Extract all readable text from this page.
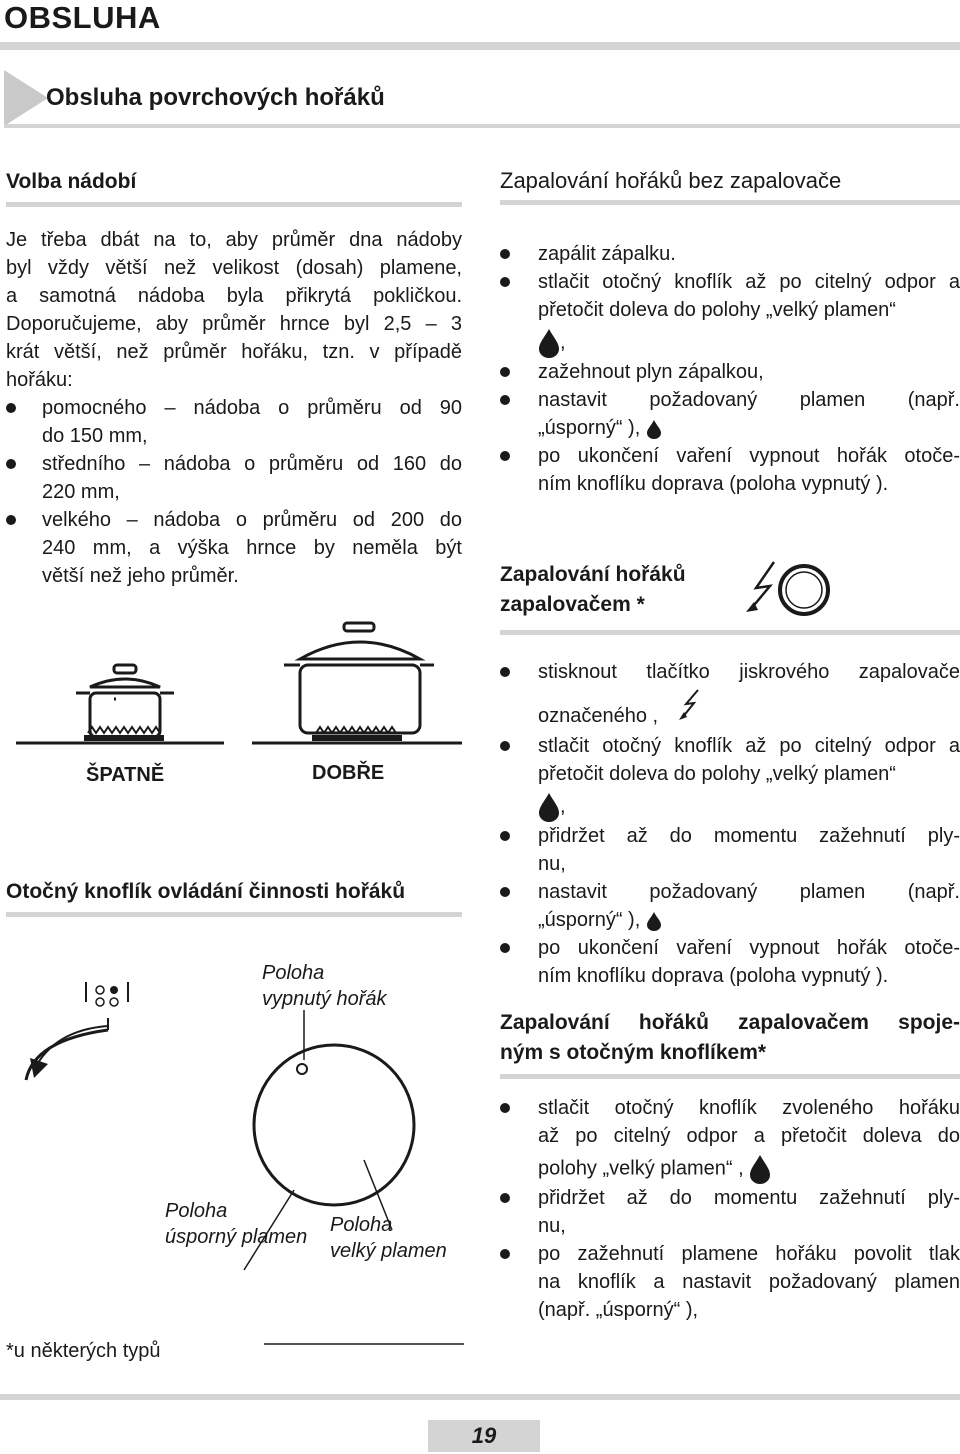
OBSLUHA
Obsluha povrchových hořáků
Volba nádobí
Je třeba dbát na to, aby průměr dna nádoby
byl vždy větší než velikost (dosah) plamene,
a samotná nádoba byla přikrytá pokličkou.
Doporučujeme, aby průměr hrnce byl 2,5 – 3
krát větší, než průměr hořáku, tzn. v případě
hořáku:
pomocného – nádoba o průměru od 90
do 150 mm,
středního – nádoba o průměru od 160 do
220 mm,
velkého – nádoba o průměru od 200 do
240 mm, a výška hrnce by neměla být
větší než jeho průměr.
ŠPATNĚ	DOBŘE
Otočný knoflík ovládání činnosti hořáků
Poloha
vypnutý hořák
Poloha
úsporný plamen
Poloha
velký plamen
*u některých typů
Zapalování hořáků bez zapalovače
zapálit zápalku.
stlačit otočný knoflík až po citelný odpor a
přetočit doleva do polohy „velký plamen“
,
zažehnout plyn zápalkou,
nastavit požadovaný plamen (např.
„úsporný“ ),
po ukončení vaření vypnout hořák otoče-
ním knoflíku doprava (poloha vypnutý ).
Zapalování hořáků
zapalovačem *
stisknout tlačítko jiskrového zapalovače
označeného ,
stlačit otočný knoflík až po citelný odpor a
přetočit doleva do polohy „velký plamen“
,
přidržet až do momentu zažehnutí ply-
nu,
nastavit požadovaný plamen (např.
„úsporný“ ),
po ukončení vaření vypnout hořák otoče-
ním knoflíku doprava (poloha vypnutý ).
Zapalování hořáků zapalovačem spoje-
ným s otočným knoflíkem*
stlačit otočný knoflík zvoleného hořáku
až po citelný odpor a přetočit doleva do
polohy „velký plamen“ ,
přidržet až do momentu zažehnutí ply-
nu,
po zažehnutí plamene hořáku povolit tlak
na knoflík a nastavit požadovaný plamen
(např. „úsporný“ ),
19
